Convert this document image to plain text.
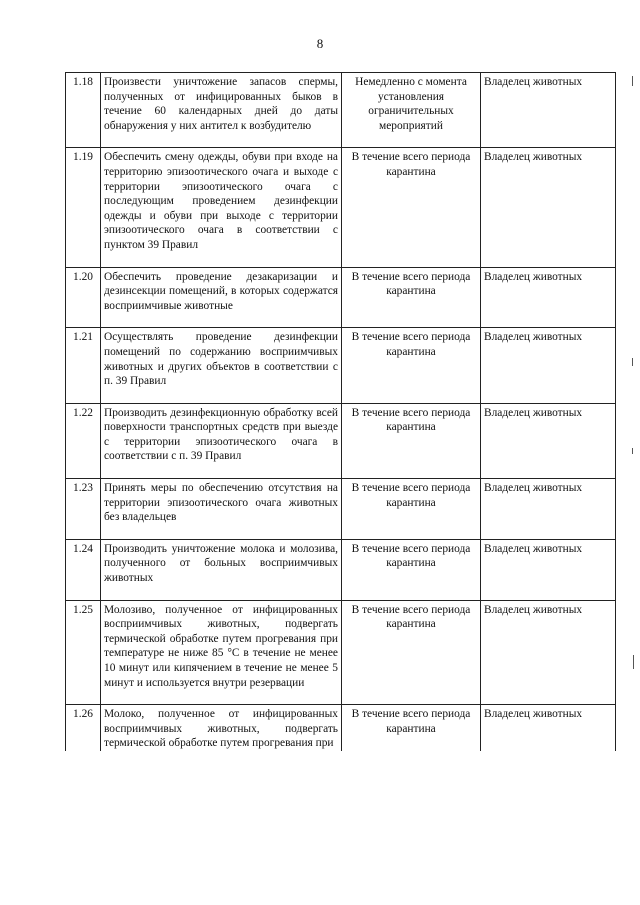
8
1.18	Произвести уничтожение запасов спермы, полученных от инфицированных быков в течение 60 календарных дней до даты обнаружения у них антител к возбудителю	Немедленно с момента установления ограничительных мероприятий	Владелец животных
1.19	Обеспечить смену одежды, обуви при входе на территорию эпизоотического очага и выходе с территории эпизоотического очага с последующим проведением дезинфекции одежды и обуви при выходе с территории эпизоотического очага в соответствии с пунктом 39 Правил	В течение всего периода карантина	Владелец животных
1.20	Обеспечить проведение дезакаризации и дезинсекции помещений, в которых содержатся восприимчивые животные	В течение всего периода карантина	Владелец животных
1.21	Осуществлять проведение дезинфекции помещений по содержанию восприимчивых животных и других объектов в соответствии с п. 39 Правил	В течение всего периода карантина	Владелец животных
1.22	Производить дезинфекционную обработку всей поверхности транспортных средств при выезде с территории эпизоотического очага в соответствии с п. 39 Правил	В течение всего периода карантина	Владелец животных
1.23	Принять меры по обеспечению отсутствия на территории эпизоотического очага животных без владельцев	В течение всего периода карантина	Владелец животных
1.24	Производить уничтожение молока и молозива, полученного от больных восприимчивых животных	В течение всего периода карантина	Владелец животных
1.25	Молозиво, полученное от инфицированных восприимчивых животных, подвергать термической обработке путем прогревания при температуре не ниже 85 °С в течение не менее 10 минут или кипячением в течение не менее 5 минут и используется внутри резервации	В течение всего периода карантина	Владелец животных
1.26	Молоко, полученное от инфицированных восприимчивых животных, подвергать термической обработке путем прогревания при	В течение всего периода карантина	Владелец животных
